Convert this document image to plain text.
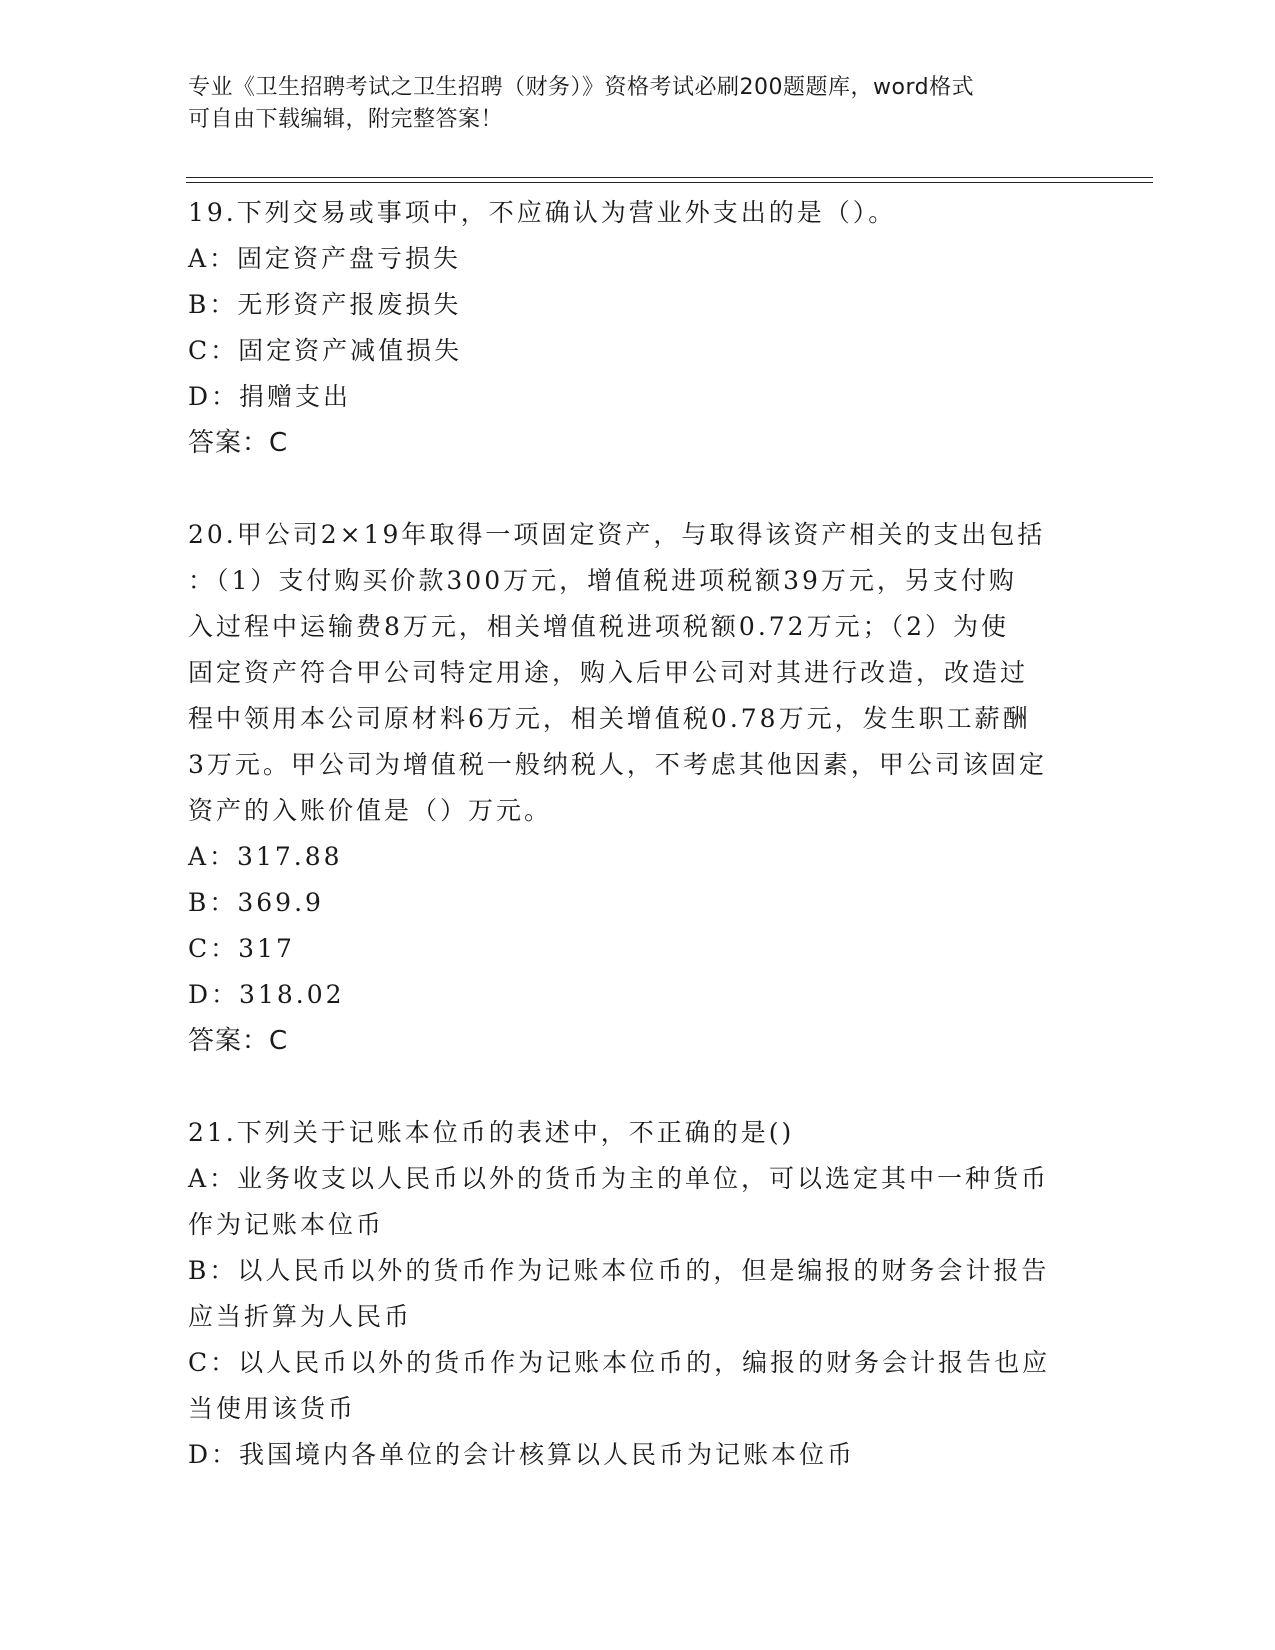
专业《卫生招聘考试之卫生招聘（财务）》资格考试必刷200题题库，word格式
可自由下载编辑，附完整答案！
19.下列交易或事项中，不应确认为营业外支出的是（）。
A：固定资产盘亏损失
B：无形资产报废损失
C：固定资产减值损失
D：捐赠支出
答案：C
20.甲公司2×19年取得一项固定资产，与取得该资产相关的支出包括
：（1）支付购买价款300万元，增值税进项税额39万元，另支付购
入过程中运输费8万元，相关增值税进项税额0.72万元；（2）为使
固定资产符合甲公司特定用途，购入后甲公司对其进行改造，改造过
程中领用本公司原材料6万元，相关增值税0.78万元，发生职工薪酬
3万元。甲公司为增值税一般纳税人，不考虑其他因素，甲公司该固定
资产的入账价值是（）万元。
A：317.88
B：369.9
C：317
D：318.02
答案：C
21.下列关于记账本位币的表述中，不正确的是()
A：业务收支以人民币以外的货币为主的单位，可以选定其中一种货币
作为记账本位币
B：以人民币以外的货币作为记账本位币的，但是编报的财务会计报告
应当折算为人民币
C：以人民币以外的货币作为记账本位币的，编报的财务会计报告也应
当使用该货币
D：我国境内各单位的会计核算以人民币为记账本位币
